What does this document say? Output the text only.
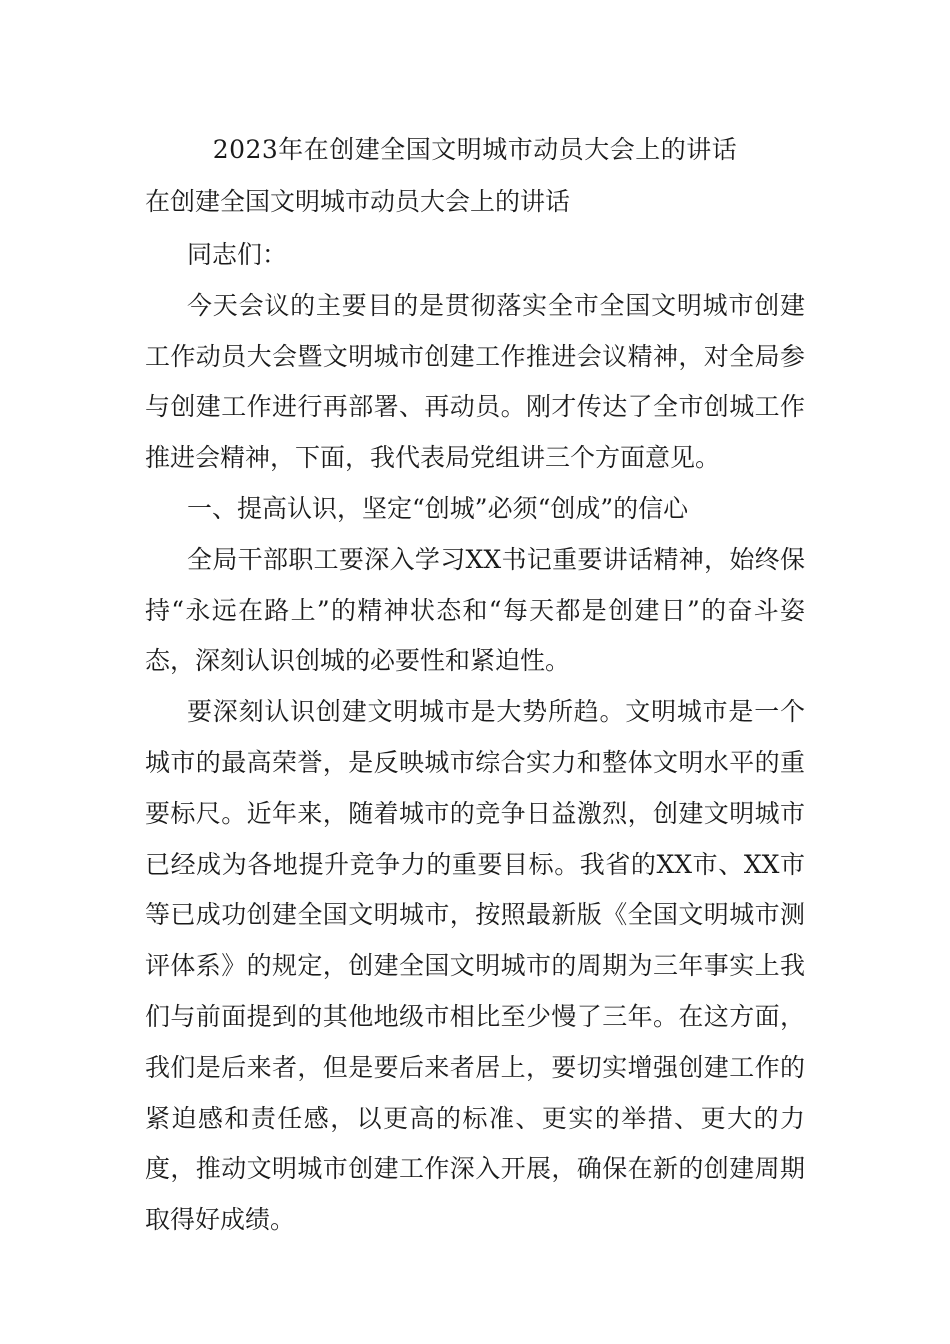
2023年在创建全国文明城市动员大会上的讲话
在创建全国文明城市动员大会上的讲话

同志们：

今天会议的主要目的是贯彻落实全市全国文明城市创建工作动员大会暨文明城市创建工作推进会议精神，对全局参与创建工作进行再部署、再动员。刚才传达了全市创城工作推进会精神，下面，我代表局党组讲三个方面意见。

一、提高认识，坚定“创城”必须“创成”的信心

全局干部职工要深入学习XX书记重要讲话精神，始终保持“永远在路上”的精神状态和“每天都是创建日”的奋斗姿态，深刻认识创城的必要性和紧迫性。

要深刻认识创建文明城市是大势所趋。文明城市是一个城市的最高荣誉，是反映城市综合实力和整体文明水平的重要标尺。近年来，随着城市的竞争日益激烈，创建文明城市已经成为各地提升竞争力的重要目标。我省的XX市、XX市等已成功创建全国文明城市，按照最新版《全国文明城市测评体系》的规定，创建全国文明城市的周期为三年事实上我们与前面提到的其他地级市相比至少慢了三年。在这方面，我们是后来者，但是要后来者居上，要切实增强创建工作的紧迫感和责任感，以更高的标准、更实的举措、更大的力度，推动文明城市创建工作深入开展，确保在新的创建周期取得好成绩。
